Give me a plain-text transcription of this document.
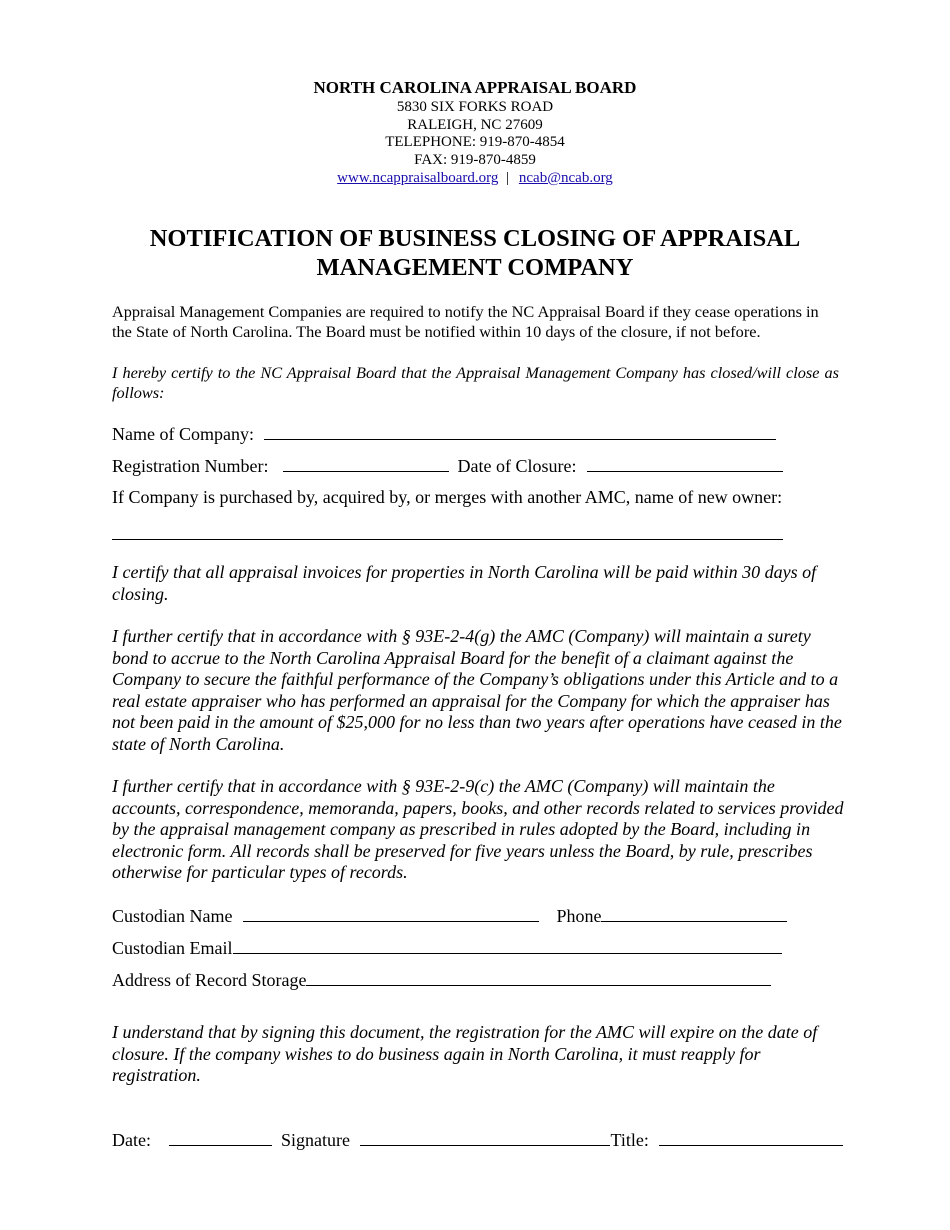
NORTH CAROLINA APPRAISAL BOARD
5830 SIX FORKS ROAD
RALEIGH, NC 27609
TELEPHONE: 919-870-4854
FAX: 919-870-4859
www.ncappraisalboard.org | ncab@ncab.org
NOTIFICATION OF BUSINESS CLOSING OF APPRAISAL
MANAGEMENT COMPANY
Appraisal Management Companies are required to notify the NC Appraisal Board if they cease operations in the State of North Carolina. The Board must be notified within 10 days of the closure, if not before.
I hereby certify to the NC Appraisal Board that the Appraisal Management Company has closed/will close as follows:
Name of Company:
Registration Number:	Date of Closure:
If Company is purchased by, acquired by, or merges with another AMC, name of new owner:
I certify that all appraisal invoices for properties in North Carolina will be paid within 30 days of closing.
I further certify that in accordance with § 93E-2-4(g) the AMC (Company) will maintain a surety bond to accrue to the North Carolina Appraisal Board for the benefit of a claimant against the Company to secure the faithful performance of the Company’s obligations under this Article and to a real estate appraiser who has performed an appraisal for the Company for which the appraiser has not been paid in the amount of $25,000 for no less than two years after operations have ceased in the state of North Carolina.
I further certify that in accordance with § 93E-2-9(c) the AMC (Company) will maintain the accounts, correspondence, memoranda, papers, books, and other records related to services provided by the appraisal management company as prescribed in rules adopted by the Board, including in electronic form. All records shall be preserved for five years unless the Board, by rule, prescribes otherwise for particular types of records.
Custodian Name	Phone
Custodian Email
Address of Record Storage
I understand that by signing this document, the registration for the AMC will expire on the date of closure. If the company wishes to do business again in North Carolina, it must reapply for registration.
Date:	Signature	Title:
